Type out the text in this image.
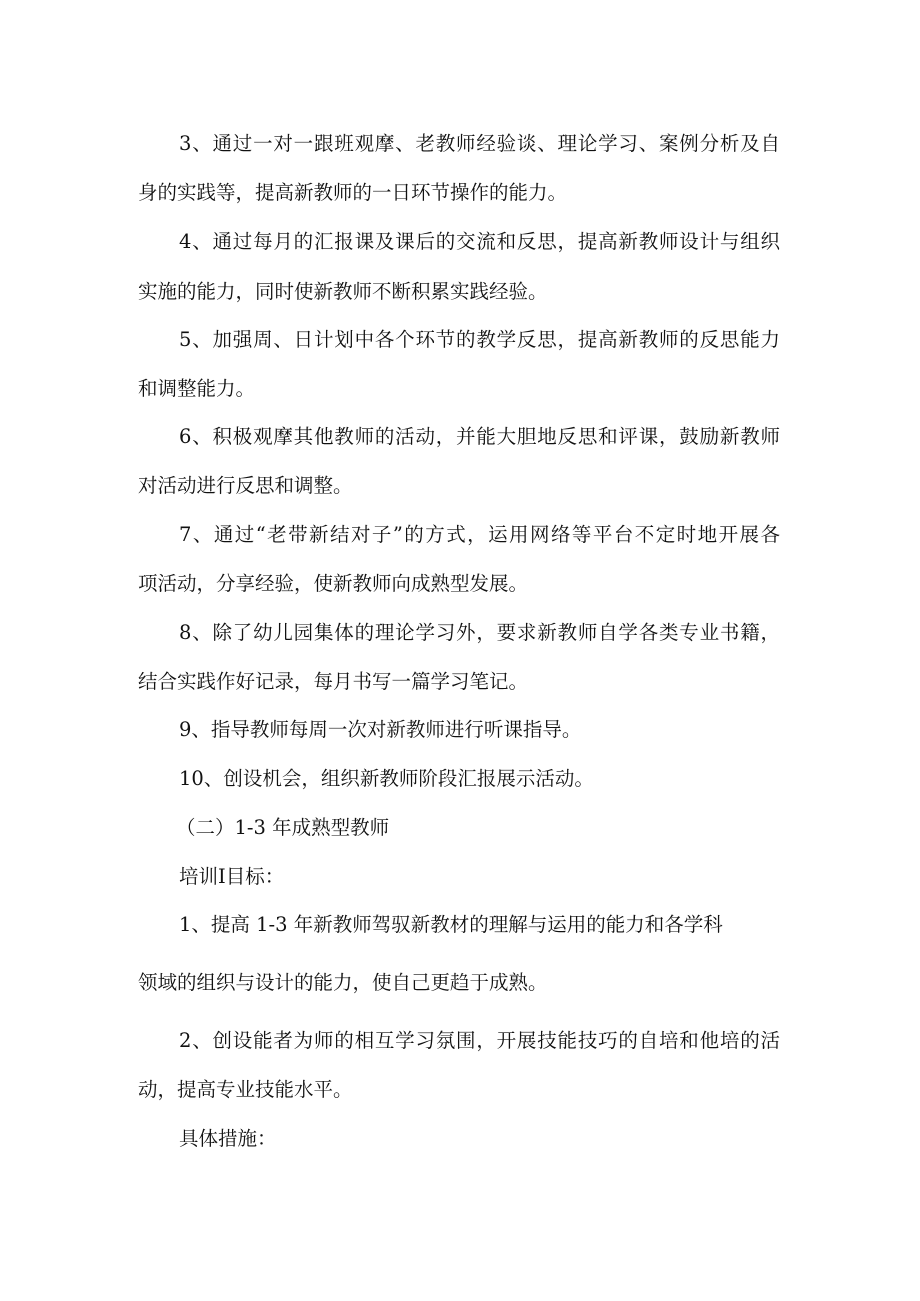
3、通过一对一跟班观摩、老教师经验谈、理论学习、案例分析及自

身的实践等，提高新教师的一日环节操作的能力。

4、通过每月的汇报课及课后的交流和反思，提高新教师设计与组织

实施的能力，同时使新教师不断积累实践经验。

5、加强周、日计划中各个环节的教学反思，提高新教师的反思能力

和调整能力。

6、积极观摩其他教师的活动，并能大胆地反思和评课，鼓励新教师

对活动进行反思和调整。

7、通过“老带新结对子”的方式，运用网络等平台不定时地开展各

项活动，分享经验，使新教师向成熟型发展。

8、除了幼儿园集体的理论学习外，要求新教师自学各类专业书籍，

结合实践作好记录，每月书写一篇学习笔记。

9、指导教师每周一次对新教师进行听课指导。

10、创设机会，组织新教师阶段汇报展示活动。

（二）1-3 年成熟型教师

培训Ⅰ目标：

1、提高 1-3 年新教师驾驭新教材的理解与运用的能力和各学科

领域的组织与设计的能力，使自己更趋于成熟。

2、创设能者为师的相互学习氛围，开展技能技巧的自培和他培的活

动，提高专业技能水平。

具体措施：
